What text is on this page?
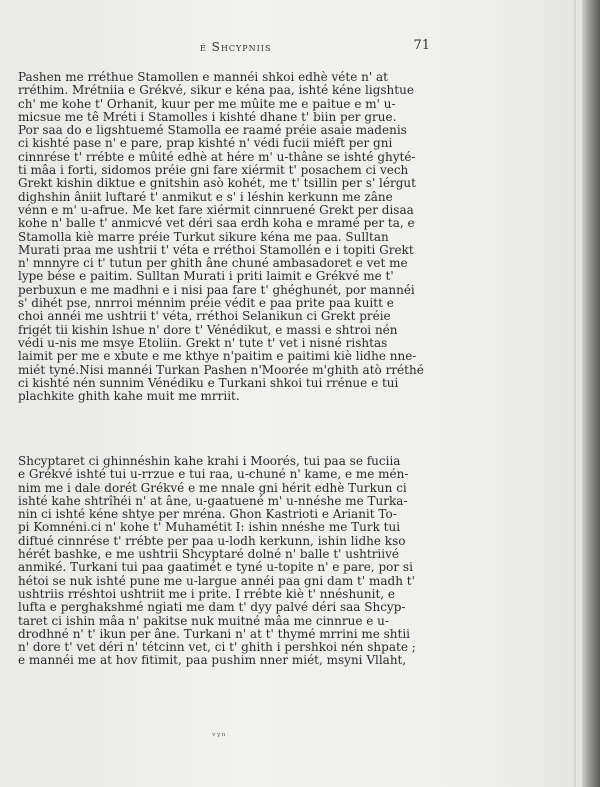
é Shcypniis	71
Pashen me rréthue Stamollen e mannéi shkoi edhè véte n' at
rréthim. Mrétniia e Grékvé, sikur e kéna paa, ishté kéne ligshtue
ch' me kohe t' Orhanit, kuur per me mûite me e paitue e m' u-
micsue me tê Mréti i Stamolles i kishté dhane t' biin per grue.
Por saa do e ligshtuemé Stamolla ee raamé préie asaie madenis
ci kishté pase n' e pare, prap kishté n' védi fucii miéft per gni
cinnrése t' rrébte e mûité edhè at hére m' u-thâne se ishté ghyté-
ti mâa i forti, sidomos préie gni fare xiérmit t' posachem ci vech
Grekt kishin diktue e gnitshin asò kohét, me t' tsillin per s' lérgut
dighshin âniit luftaré t' anmikut e s' i léshin kerkunn me zâne
vénn e m' u-afrue. Me ket fare xiérmit cinnruené Grekt per disaa
kohe n' balle t' anmicvé vet déri saa erdh koha e mramé per ta, e
Stamolla kiè marre préie Turkut sikure kéna me paa. Sulltan
Murati praa me ushtrii t' véta e rréthoi Stamollén e i topiti Grekt
n' mnnyre ci t' tutun per ghith âne chuné ambasadoret e vet me
lype bése e paitim. Sulltan Murati i priti laimit e Grékvé me t'
perbuxun e me madhni e i nisi paa fare t' ghéghunét, por mannéi
s' dihét pse, nnrroi ménnim préie védit e paa prite paa kuitt e
choi annéi me ushtrii t' véta, rréthoi Selanikun ci Grekt préie
frigét tii kishin lshue n' dore t' Vénédikut, e massi e shtroi nén
védi u-nis me msye Etoliin. Grekt n' tute t' vet i nisné rishtas
laimit per me e xbute e me kthye n'paitim e paitimi kiè lidhe nne-
miét tyné.Nisi mannéi Turkan Pashen n'Moorée m'ghith atò rréthé
ci kishté nén sunnim Vénédiku e Turkani shkoi tui rrénue e tui
plachkite ghith kahe muit me mrriit.
Shcyptaret ci ghinnéshin kahe krahi i Moorés, tui paa se fuciia
e Grékvé ishté tui u-rrzue e tui raa, u-chuné n' kame, e me mén-
nim me i dale dorét Grékvé e me nnale gni hérit edhè Turkun ci
ishté kahe shtrîhéi n' at âne, u-gaatuené m' u-nnéshe me Turka-
nin ci ishté kéne shtye per mréna. Ghon Kastrioti e Arianit To-
pi Komnéni.ci n' kohe t' Muhamétit I: ishin nnéshe me Turk tui
diftué cinnrése t' rrébte per paa u-lodh kerkunn, ishin lidhe kso
hérét bashke, e me ushtrii Shcyptaré dolné n' balle t' ushtriivé
anmiké. Turkani tui paa gaatimét e tyné u-topite n' e pare, por si
hétoi se nuk ishté pune me u-largue annéi paa gni dam t' madh t'
ushtriis rréshtoi ushtriit me i prite. I rrébte kiè t' nnéshunit, e
lufta e perghakshmé ngiati me dam t' dyy palvé déri saa Shcyp-
taret ci ishin mâa n' pakitse nuk muitné mâa me cinnrue e u-
drodhné n' t' ikun per âne. Turkani n' at t' thymé mrrini me shtii
n' dore t' vet déri n' tétcinn vet, ci t' ghith i pershkoi nén shpate ;
e mannéi me at hov fitimit, paa pushim nner miét, msyni Vllaht,
ᵥᵧₙ
